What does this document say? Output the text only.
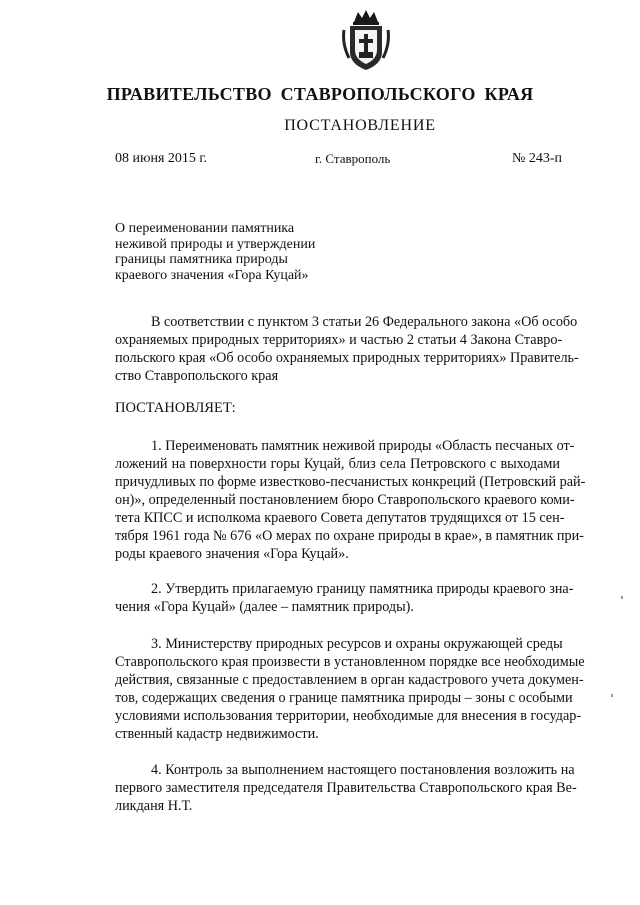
ПРАВИТЕЛЬСТВО СТАВРОПОЛЬСКОГО КРАЯ
ПОСТАНОВЛЕНИЕ
08 июня 2015 г.	г. Ставрополь	№ 243-п
О переименовании памятника
неживой природы и утверждении
границы памятника природы
краевого значения «Гора Куцай»
В соответствии с пунктом 3 статьи 26 Федерального закона «Об особо
охраняемых природных территориях» и частью 2 статьи 4 Закона Ставро-
польского края «Об особо охраняемых природных территориях» Правитель-
ство Ставропольского края
ПОСТАНОВЛЯЕТ:
1. Переименовать памятник неживой природы «Область песчаных от-
ложений на поверхности горы Куцай, близ села Петровского с выходами
причудливых по форме известково-песчанистых конкреций (Петровский рай-
он)», определенный постановлением бюро Ставропольского краевого коми-
тета КПСС и исполкома краевого Совета депутатов трудящихся от 15 сен-
тября 1961 года № 676 «О мерах по охране природы в крае», в памятник при-
роды краевого значения «Гора Куцай».
2. Утвердить прилагаемую границу памятника природы краевого зна-
чения «Гора Куцай» (далее – памятник природы).
3. Министерству природных ресурсов и охраны окружающей среды
Ставропольского края произвести в установленном порядке все необходимые
действия, связанные с предоставлением в орган кадастрового учета докумен-
тов, содержащих сведения о границе памятника природы – зоны с особыми
условиями использования территории, необходимые для внесения в государ-
ственный кадастр недвижимости.
4. Контроль за выполнением настоящего постановления возложить на
первого заместителя председателя Правительства Ставропольского края Ве-
ликданя Н.Т.
